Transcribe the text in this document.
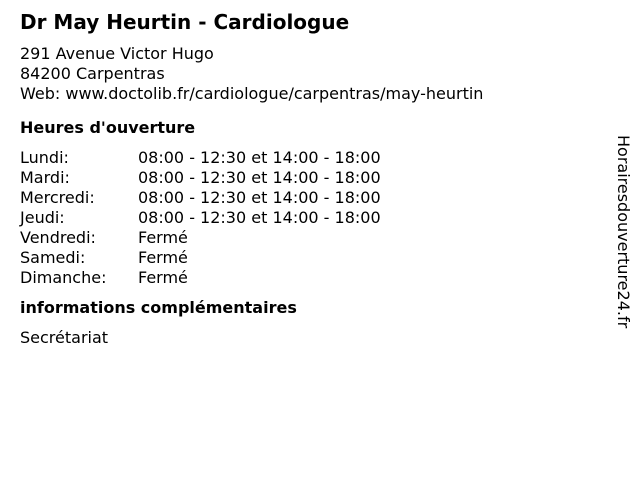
Dr May Heurtin - Cardiologue
291 Avenue Victor Hugo
84200 Carpentras
Web: www.doctolib.fr/cardiologue/carpentras/may-heurtin
Heures d'ouverture
Lundi:	08:00 - 12:30 et 14:00 - 18:00
Mardi:	08:00 - 12:30 et 14:00 - 18:00
Mercredi:	08:00 - 12:30 et 14:00 - 18:00
Jeudi:	08:00 - 12:30 et 14:00 - 18:00
Vendredi:	Fermé
Samedi:	Fermé
Dimanche:	Fermé
informations complémentaires
Secrétariat
Horairesdouverture24.fr
